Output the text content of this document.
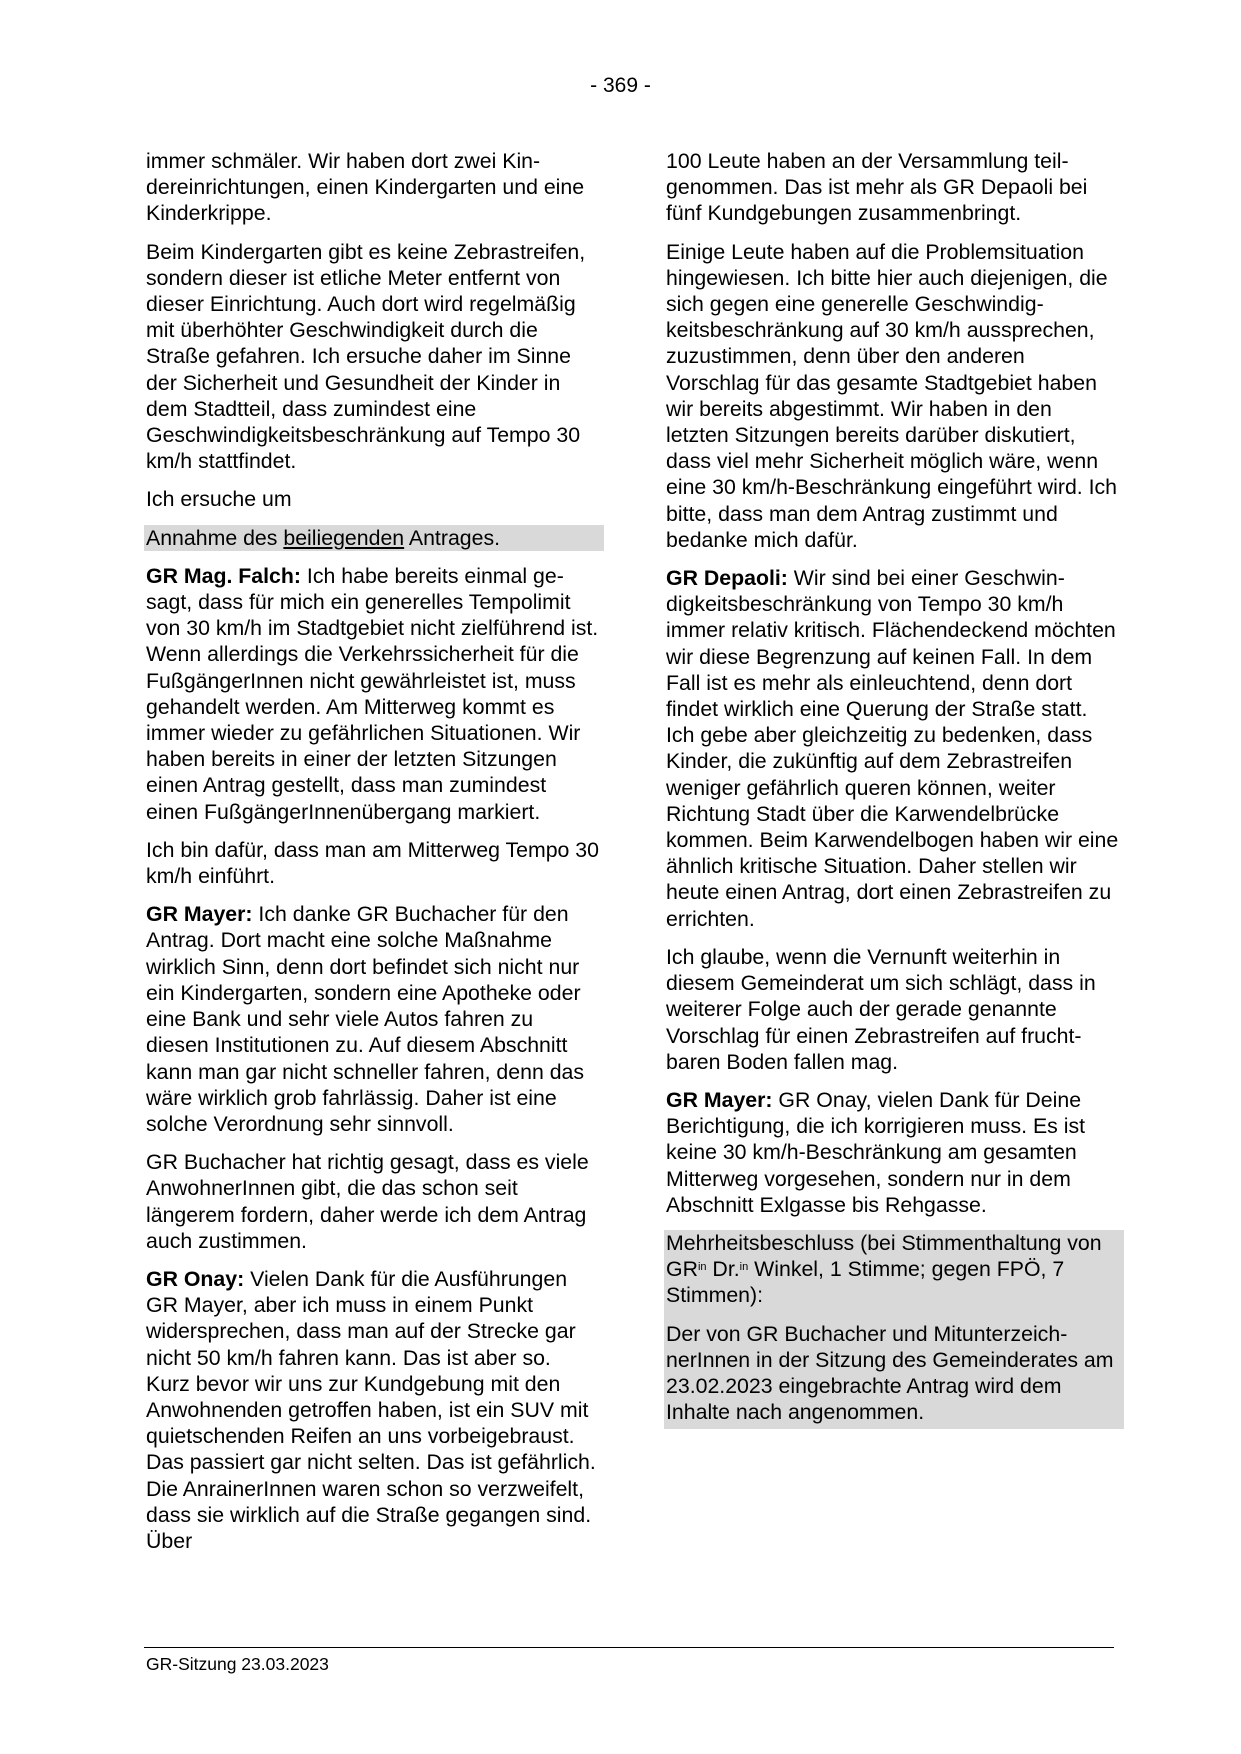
- 369 -

immer schmäler. Wir haben dort zwei Kindereinrichtungen, einen Kindergarten und eine Kinderkrippe.

Beim Kindergarten gibt es keine Zebrastreifen, sondern dieser ist etliche Meter entfernt von dieser Einrichtung. Auch dort wird regelmäßig mit überhöhter Geschwindigkeit durch die Straße gefahren. Ich ersuche daher im Sinne der Sicherheit und Gesundheit der Kinder in dem Stadtteil, dass zumindest eine Geschwindigkeitsbeschränkung auf Tempo 30 km/h stattfindet.

Ich ersuche um

Annahme des beiliegenden Antrages.

GR Mag. Falch: Ich habe bereits einmal gesagt, dass für mich ein generelles Tempolimit von 30 km/h im Stadtgebiet nicht zielführend ist. Wenn allerdings die Verkehrssicherheit für die FußgängerInnen nicht gewährleistet ist, muss gehandelt werden. Am Mitterweg kommt es immer wieder zu gefährlichen Situationen. Wir haben bereits in einer der letzten Sitzungen einen Antrag gestellt, dass man zumindest einen FußgängerInnenübergang markiert.

Ich bin dafür, dass man am Mitterweg Tempo 30 km/h einführt.

GR Mayer: Ich danke GR Buchacher für den Antrag. Dort macht eine solche Maßnahme wirklich Sinn, denn dort befindet sich nicht nur ein Kindergarten, sondern eine Apotheke oder eine Bank und sehr viele Autos fahren zu diesen Institutionen zu. Auf diesem Abschnitt kann man gar nicht schneller fahren, denn das wäre wirklich grob fahrlässig. Daher ist eine solche Verordnung sehr sinnvoll.

GR Buchacher hat richtig gesagt, dass es viele AnwohnerInnen gibt, die das schon seit längerem fordern, daher werde ich dem Antrag auch zustimmen.

GR Onay: Vielen Dank für die Ausführungen GR Mayer, aber ich muss in einem Punkt widersprechen, dass man auf der Strecke gar nicht 50 km/h fahren kann. Das ist aber so. Kurz bevor wir uns zur Kundgebung mit den Anwohnenden getroffen haben, ist ein SUV mit quietschenden Reifen an uns vorbeigebraust. Das passiert gar nicht selten. Das ist gefährlich. Die AnrainerInnen waren schon so verzweifelt, dass sie wirklich auf die Straße gegangen sind. Über

100 Leute haben an der Versammlung teilgenommen. Das ist mehr als GR Depaoli bei fünf Kundgebungen zusammenbringt.

Einige Leute haben auf die Problemsituation hingewiesen. Ich bitte hier auch diejenigen, die sich gegen eine generelle Geschwindigkeitsbeschränkung auf 30 km/h aussprechen, zuzustimmen, denn über den anderen Vorschlag für das gesamte Stadtgebiet haben wir bereits abgestimmt. Wir haben in den letzten Sitzungen bereits darüber diskutiert, dass viel mehr Sicherheit möglich wäre, wenn eine 30 km/h-Beschränkung eingeführt wird. Ich bitte, dass man dem Antrag zustimmt und bedanke mich dafür.

GR Depaoli: Wir sind bei einer Geschwindigkeitsbeschränkung von Tempo 30 km/h immer relativ kritisch. Flächendeckend möchten wir diese Begrenzung auf keinen Fall. In dem Fall ist es mehr als einleuchtend, denn dort findet wirklich eine Querung der Straße statt. Ich gebe aber gleichzeitig zu bedenken, dass Kinder, die zukünftig auf dem Zebrastreifen weniger gefährlich queren können, weiter Richtung Stadt über die Karwendelbrücke kommen. Beim Karwendelbogen haben wir eine ähnlich kritische Situation. Daher stellen wir heute einen Antrag, dort einen Zebrastreifen zu errichten.

Ich glaube, wenn die Vernunft weiterhin in diesem Gemeinderat um sich schlägt, dass in weiterer Folge auch der gerade genannte Vorschlag für einen Zebrastreifen auf fruchtbaren Boden fallen mag.

GR Mayer: GR Onay, vielen Dank für Deine Berichtigung, die ich korrigieren muss. Es ist keine 30 km/h-Beschränkung am gesamten Mitterweg vorgesehen, sondern nur in dem Abschnitt Exlgasse bis Rehgasse.

Mehrheitsbeschluss (bei Stimmenthaltung von $GR^{in}$ Dr.$^{in}$ Winkel, 1 Stimme; gegen FPÖ, 7 Stimmen):

Der von GR Buchacher und MitunterzeichnerInnen in der Sitzung des Gemeinderates am 23.02.2023 eingebrachte Antrag wird dem Inhalte nach angenommen.

GR-Sitzung 23.03.2023
